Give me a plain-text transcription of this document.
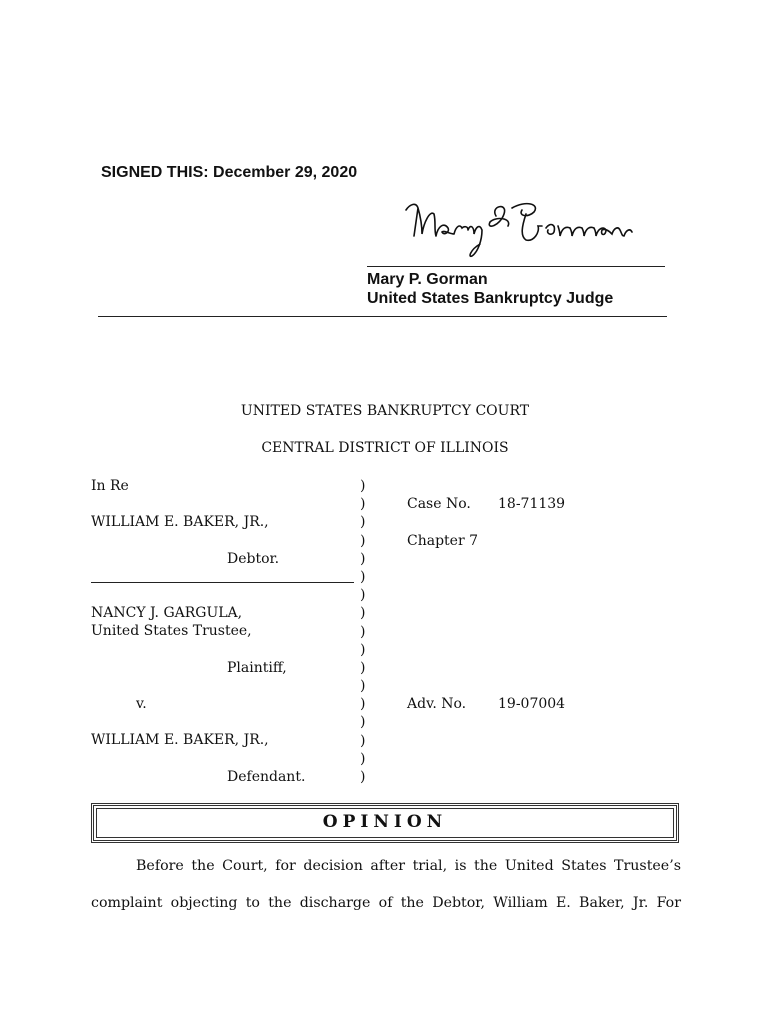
SIGNED THIS: December 29, 2020
Mary P. Gorman
United States Bankruptcy Judge
UNITED STATES BANKRUPTCY COURT
CENTRAL DISTRICT OF ILLINOIS
In Re
WILLIAM E. BAKER, JR.,
Debtor.
NANCY J. GARGULA,
United States Trustee,
Plaintiff,
v.
WILLIAM E. BAKER, JR.,
Defendant.
)
)
)
)
)
)
)
)
)
)
)
)
)
)
)
)
)
Case No. 18-71139
Chapter 7
Adv. No. 19-07004
OPINION
Before the Court, for decision after trial, is the United States Trustee’s
complaint objecting to the discharge of the Debtor, William E. Baker, Jr. For
